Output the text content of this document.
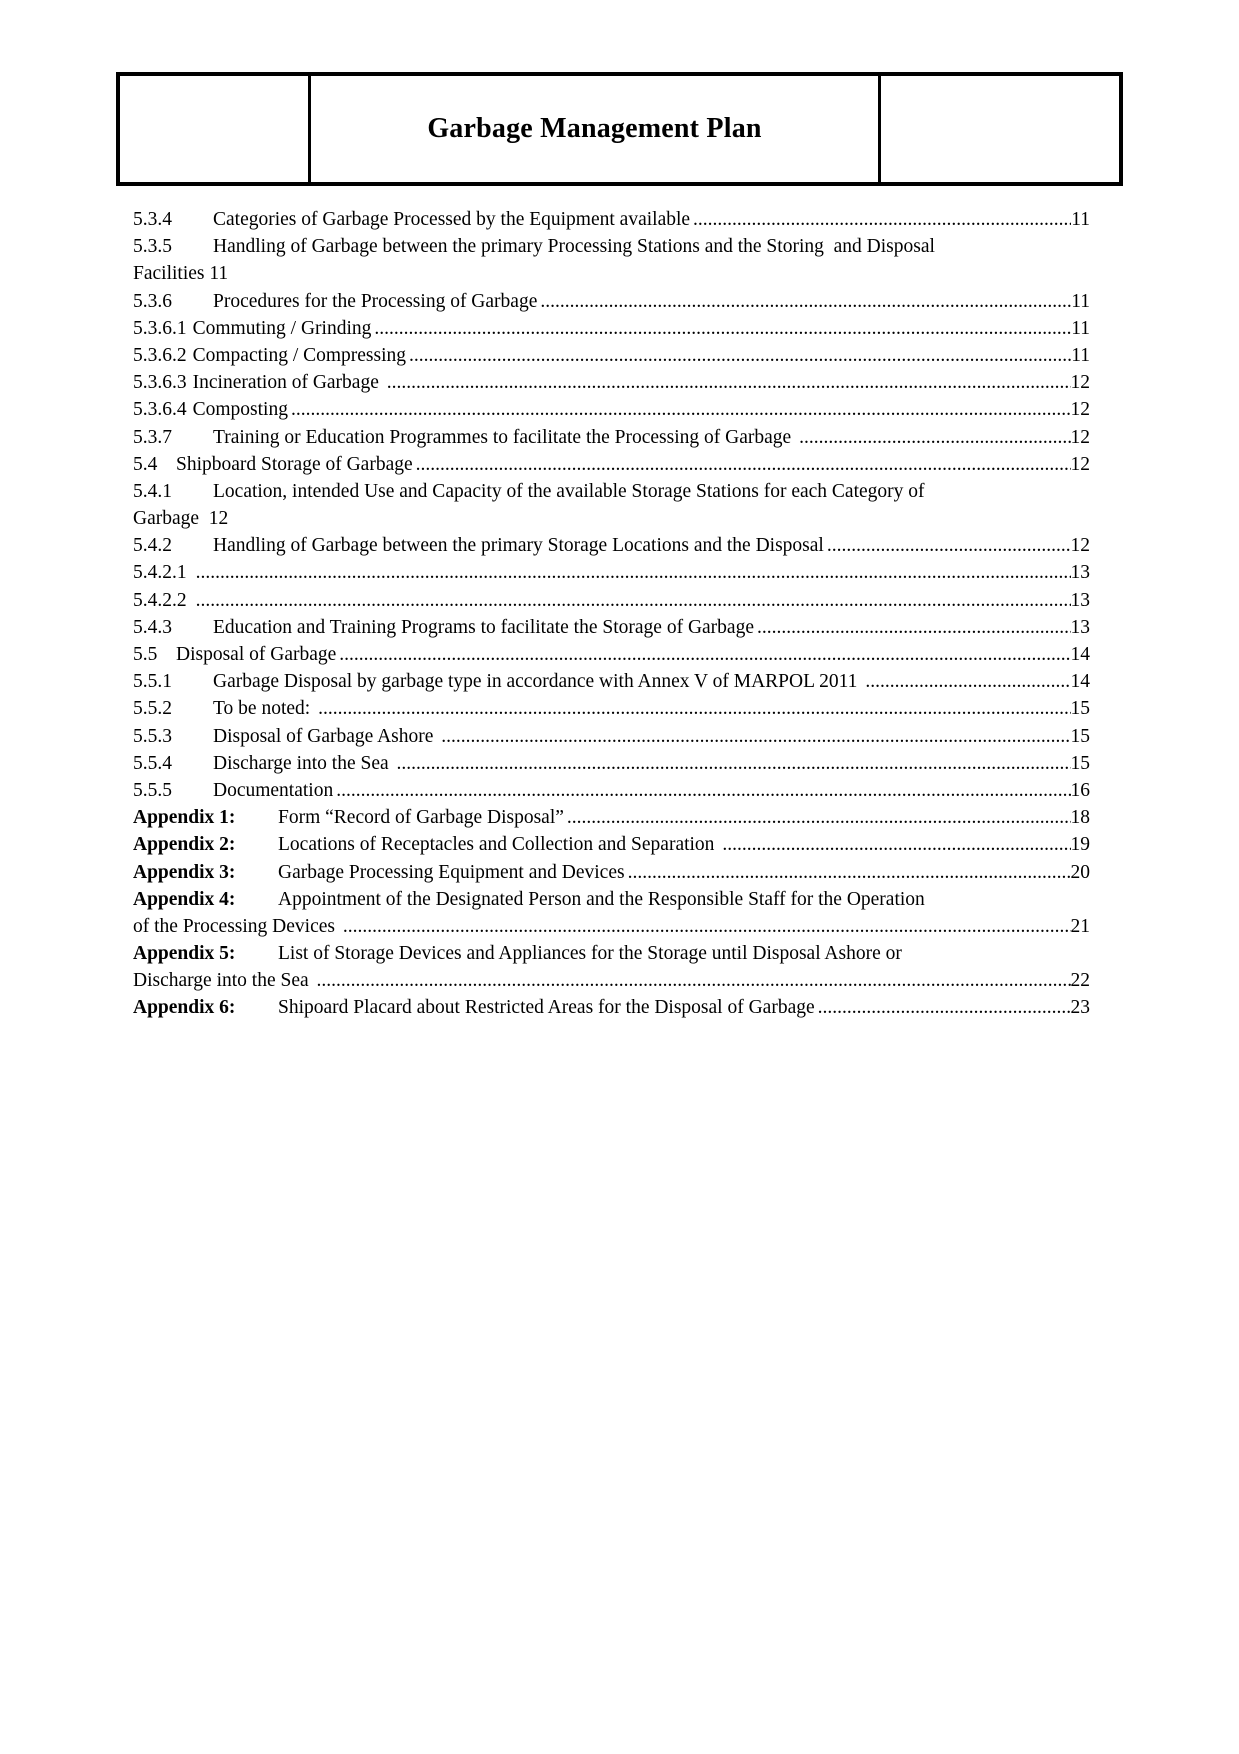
Garbage Management Plan
5.3.4	Categories of Garbage Processed by the Equipment available .....	11
5.3.5	Handling of Garbage between the primary Processing Stations and the Storing  and Disposal
Facilities 11
5.3.6	Procedures for the Processing of Garbage .....	11
5.3.6.1 Commuting / Grinding .....	11
5.3.6.2 Compacting / Compressing .....	11
5.3.6.3 Incineration of Garbage .....	12
5.3.6.4 Composting .....	12
5.3.7	Training or Education Programmes to facilitate the Processing of Garbage .....	12
5.4 Shipboard Storage of Garbage .....	12
5.4.1	Location, intended Use and Capacity of the available Storage Stations for each Category of
Garbage  12
5.4.2	Handling of Garbage between the primary Storage Locations and the Disposal .....	12
5.4.2.1 .....	13
5.4.2.2 .....	13
5.4.3	Education and Training Programs to facilitate the Storage of Garbage .....	13
5.5 Disposal of Garbage .....	14
5.5.1	Garbage Disposal by garbage type in accordance with Annex V of MARPOL 2011 .....	14
5.5.2	To be noted: .....	15
5.5.3	Disposal of Garbage Ashore .....	15
5.5.4	Discharge into the Sea .....	15
5.5.5	Documentation .....	16
Appendix 1:	Form “Record of Garbage Disposal” .....	18
Appendix 2:	Locations of Receptacles and Collection and Separation .....	19
Appendix 3:	Garbage Processing Equipment and Devices .....	20
Appendix 4:	Appointment of the Designated Person and the Responsible Staff for the Operation
of the Processing Devices .....	21
Appendix 5:	List of Storage Devices and Appliances for the Storage until Disposal Ashore or
Discharge into the Sea .....	22
Appendix 6:	Shipoard Placard about Restricted Areas for the Disposal of Garbage .....	23
